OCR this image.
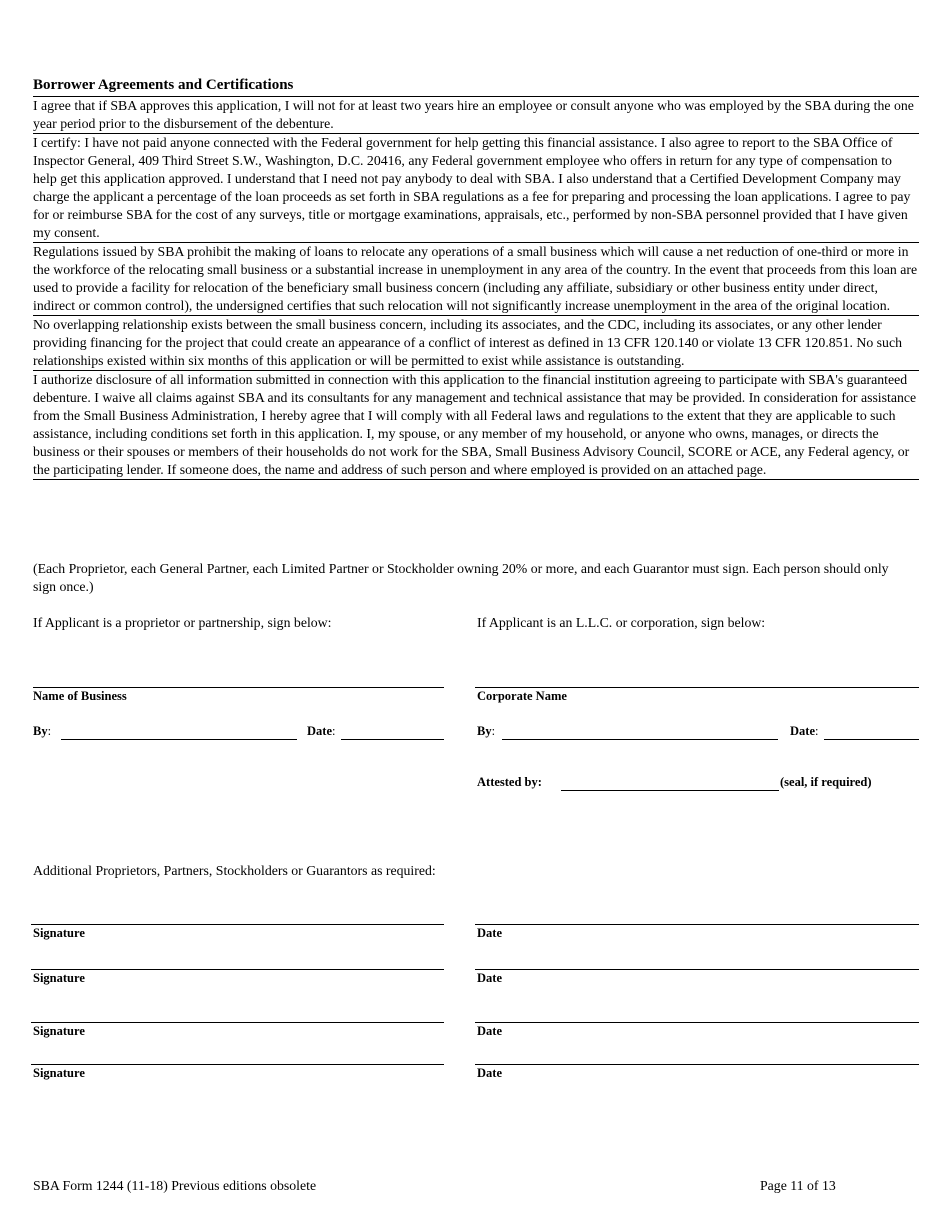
Borrower Agreements and Certifications

I agree that if SBA approves this application, I will not for at least two years hire an employee or consult anyone who was employed by the SBA during the one year period prior to the disbursement of the debenture.

I certify: I have not paid anyone connected with the Federal government for help getting this financial assistance. I also agree to report to the SBA Office of Inspector General, 409 Third Street S.W., Washington, D.C. 20416, any Federal government employee who offers in return for any type of compensation to help get this application approved. I understand that I need not pay anybody to deal with SBA. I also understand that a Certified Development Company may charge the applicant a percentage of the loan proceeds as set forth in SBA regulations as a fee for preparing and processing the loan applications. I agree to pay for or reimburse SBA for the cost of any surveys, title or mortgage examinations, appraisals, etc., performed by non-SBA personnel provided that I have given my consent.

Regulations issued by SBA prohibit the making of loans to relocate any operations of a small business which will cause a net reduction of one-third or more in the workforce of the relocating small business or a substantial increase in unemployment in any area of the country. In the event that proceeds from this loan are used to provide a facility for relocation of the beneficiary small business concern (including any affiliate, subsidiary or other business entity under direct, indirect or common control), the undersigned certifies that such relocation will not significantly increase unemployment in the area of the original location.

No overlapping relationship exists between the small business concern, including its associates, and the CDC, including its associates, or any other lender providing financing for the project that could create an appearance of a conflict of interest as defined in 13 CFR 120.140 or violate 13 CFR 120.851. No such relationships existed within six months of this application or will be permitted to exist while assistance is outstanding.

I authorize disclosure of all information submitted in connection with this application to the financial institution agreeing to participate with SBA's guaranteed debenture. I waive all claims against SBA and its consultants for any management and technical assistance that may be provided. In consideration for assistance from the Small Business Administration, I hereby agree that I will comply with all Federal laws and regulations to the extent that they are applicable to such assistance, including conditions set forth in this application. I, my spouse, or any member of my household, or anyone who owns, manages, or directs the business or their spouses or members of their households do not work for the SBA, Small Business Advisory Council, SCORE or ACE, any Federal agency, or the participating lender. If someone does, the name and address of such person and where employed is provided on an attached page.

(Each Proprietor, each General Partner, each Limited Partner or Stockholder owning 20% or more, and each Guarantor must sign. Each person should only sign once.)
If Applicant is a proprietor or partnership, sign below:	If Applicant is an L.L.C. or corporation, sign below:
Name of Business
By:	Date:
Corporate Name
By:	Date:
Attested by:	(seal, if required)
Additional Proprietors, Partners, Stockholders or Guarantors as required:
Signature	Date
Signature	Date
Signature	Date
Signature	Date
SBA Form 1244 (11-18) Previous editions obsolete	Page 11 of 13
